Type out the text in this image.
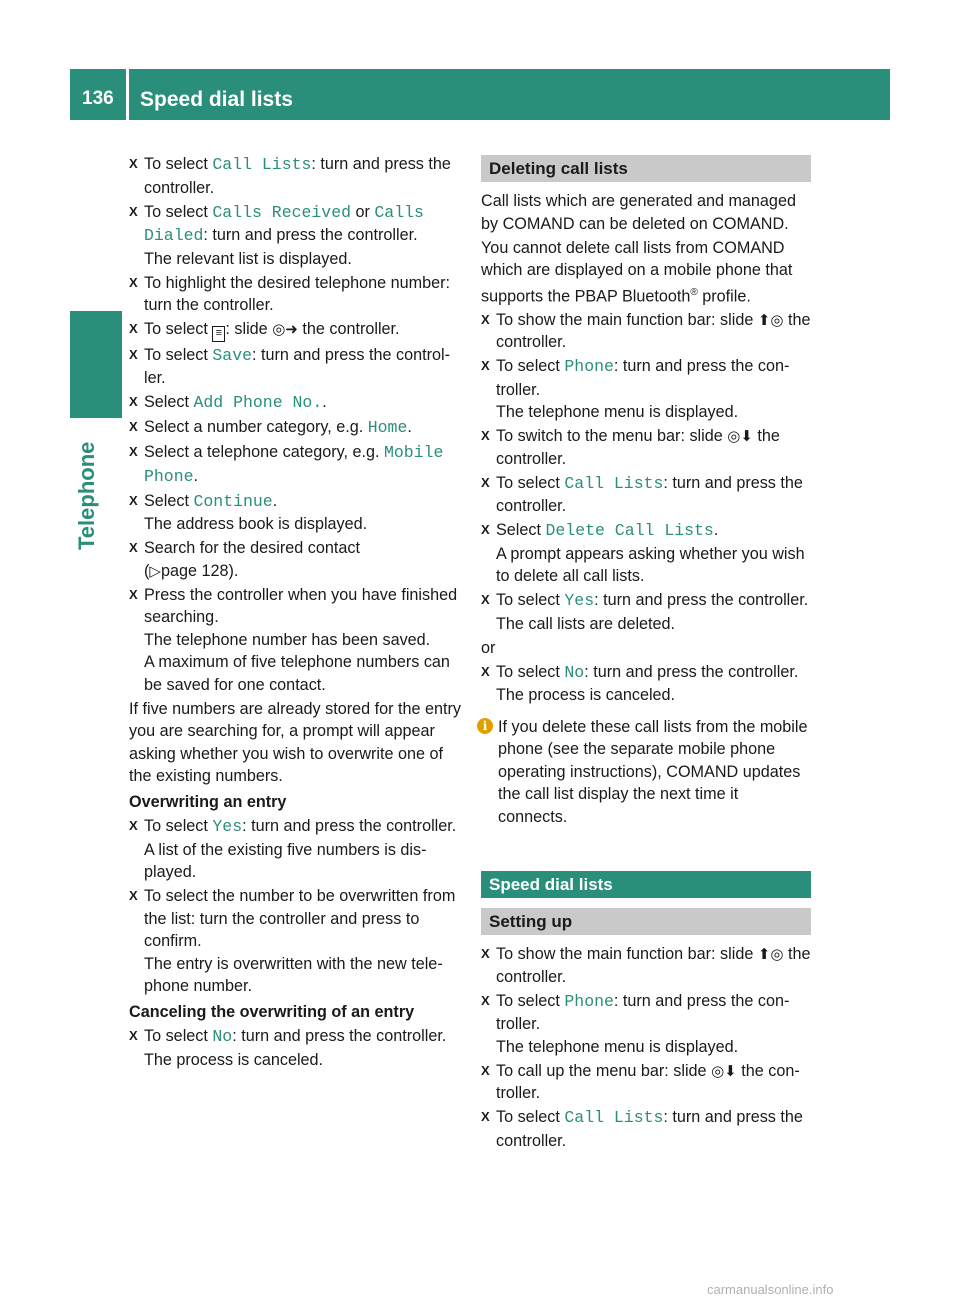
136 Speed dial lists
Telephone
X To select Call Lists: turn and press the controller.
X To select Calls Received or Calls Dialed: turn and press the controller.
The relevant list is displayed.
X To highlight the desired telephone number: turn the controller.
X To select ≡ : slide ◎➜ the controller.
X To select Save: turn and press the controller.
X Select Add Phone No..
X Select a number category, e.g. Home.
X Select a telephone category, e.g. Mobile Phone.
X Select Continue.
The address book is displayed.
X Search for the desired contact
(▷page 128).
X Press the controller when you have finished searching.
The telephone number has been saved.
A maximum of five telephone numbers can be saved for one contact.

If five numbers are already stored for the entry you are searching for, a prompt will appear asking whether you wish to overwrite one of the existing numbers.

Overwriting an entry
X To select Yes: turn and press the controller.
A list of the existing five numbers is displayed.
X To select the number to be overwritten from the list: turn the controller and press to confirm.
The entry is overwritten with the new telephone number.
Canceling the overwriting of an entry
X To select No: turn and press the controller.
The process is canceled.
Deleting call lists

Call lists which are generated and managed by COMAND can be deleted on COMAND.

You cannot delete call lists from COMAND which are displayed on a mobile phone that supports the PBAP Bluetooth® profile.

X To show the main function bar: slide ⬆◎ the controller.
X To select Phone: turn and press the controller.
The telephone menu is displayed.
X To switch to the menu bar: slide ◎⬇ the controller.
X To select Call Lists: turn and press the controller.
X Select Delete Call Lists.
A prompt appears asking whether you wish to delete all call lists.
X To select Yes: turn and press the controller.
The call lists are deleted.

or

X To select No: turn and press the controller.
The process is canceled.
i If you delete these call lists from the mobile phone (see the separate mobile phone operating instructions), COMAND updates the call list display the next time it connects.
Speed dial lists
Setting up
X To show the main function bar: slide ⬆◎ the controller.
X To select Phone: turn and press the controller.
The telephone menu is displayed.
X To call up the menu bar: slide ◎⬇ the controller.
X To select Call Lists: turn and press the controller.
carmanualsonline.info
